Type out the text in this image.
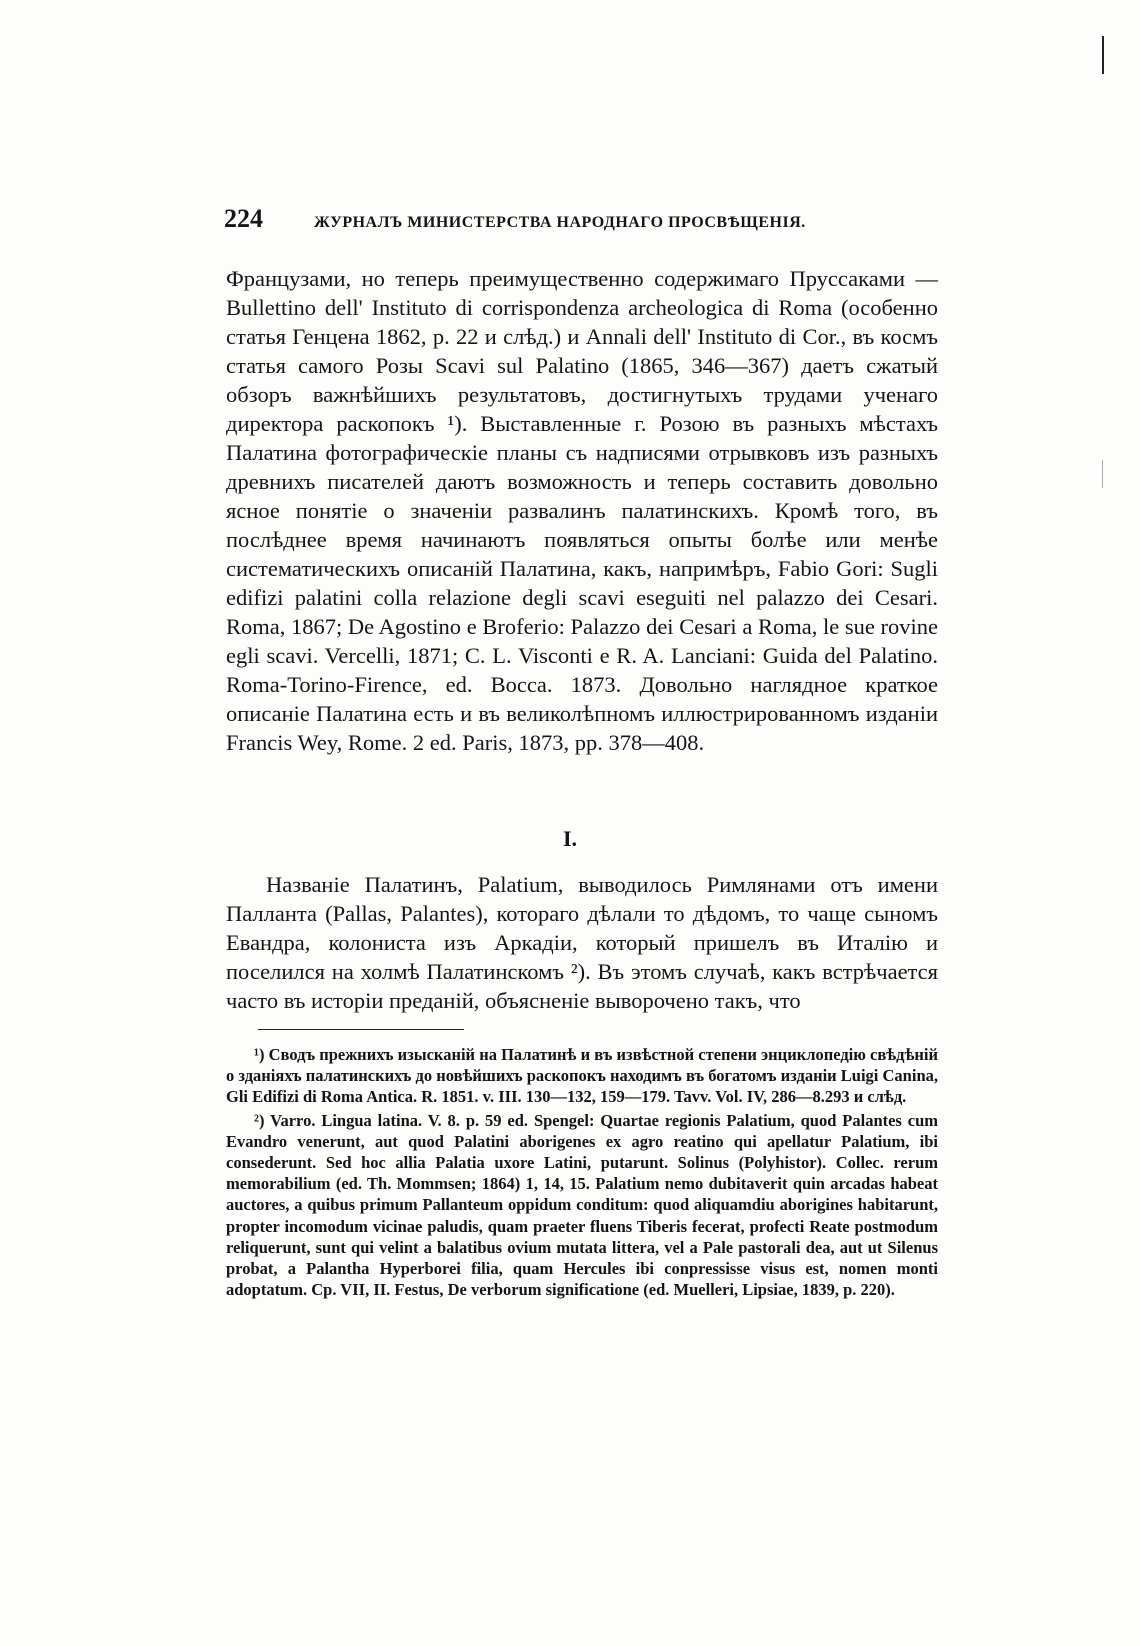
224	ЖУРНАЛЪ МИНИСТЕРСТВА НАРОДНАГО ПРОСВѢЩЕНІЯ.

Французами, но теперь преимущественно содержимаго Пруссаками — Bullettino dell' Instituto di corrispondenza archeologica di Roma (особенно статья Генцена 1862, p. 22 и слѣд.) и Annali dell' Instituto di Cor., въ космъ статья самого Розы Scavi sul Palatino (1865, 346—367) даетъ сжатый обзоръ важнѣйшихъ результатовъ, достигнутыхъ трудами ученаго директора раскопокъ ¹). Выставленные г. Розою въ разныхъ мѣстахъ Палатина фотографическіе планы съ надписями отрывковъ изъ разныхъ древнихъ писателей даютъ возможность и теперь составить довольно ясное понятіе о значеніи развалинъ палатинскихъ. Кромѣ того, въ послѣднее время начинаютъ появляться опыты болѣе или менѣе систематическихъ описаній Палатина, какъ, напримѣръ, Fabio Gori: Sugli edifizi palatini colla relazione degli scavi eseguiti nel palazzo dei Cesari. Roma, 1867; De Agostino e Broferio: Palazzo dei Cesari a Roma, le sue rovine egli scavi. Vercelli, 1871; C. L. Visconti e R. A. Lanciani: Guida del Palatino. Roma-Torino-Firence, ed. Bocca. 1873. Довольно наглядное краткое описаніе Палатина есть и въ великолѣпномъ иллюстрированномъ изданіи Francis Wey, Rome. 2 ed. Paris, 1873, pp. 378—408.

I.

Названіе Палатинъ, Palatium, выводилось Римлянами отъ имени Палланта (Pallas, Palantes), котораго дѣлали то дѣдомъ, то чаще сыномъ Евандра, колониста изъ Аркадіи, который пришелъ въ Италію и поселился на холмѣ Палатинскомъ ²). Въ этомъ случаѣ, какъ встрѣчается часто въ исторіи преданій, объясненіе выворочено такъ, что

¹) Сводъ прежнихъ изысканій на Палатинѣ и въ извѣстной степени энциклопедію свѣдѣній о зданіяхъ палатинскихъ до новѣйшихъ раскопокъ находимъ въ богатомъ изданіи Luigi Canina, Gli Edifizi di Roma Antica. R. 1851. v. III. 130—132, 159—179. Tavv. Vol. IV, 286—8.293 и слѣд.
²) Varro. Lingua latina. V. 8. p. 59 ed. Spengel: Quartae regionis Palatium, quod Palantes cum Evandro venerunt, aut quod Palatini aborigenes ex agro reatino qui apellatur Palatium, ibi consederunt. Sed hoc allia Palatia uxore Latini, putarunt. Solinus (Polyhistor). Collec. rerum memorabilium (ed. Th. Mommsen; 1864) 1, 14, 15. Palatium nemo dubitaverit quin arcadas habeat auctores, a quibus primum Pallanteum oppidum conditum: quod aliquamdiu aborigines habitarunt, propter incomodum vicinae paludis, quam praeter fluens Tiberis fecerat, profecti Reate postmodum reliquerunt, sunt qui velint a balatibus ovium mutata littera, vel a Pale pastorali dea, aut ut Silenus probat, a Palantha Hyperborei filia, quam Hercules ibi conpressisse visus est, nomen monti adoptatum. Cp. VII, II. Festus, De verborum significatione (ed. Muelleri, Lipsiae, 1839, p. 220).
